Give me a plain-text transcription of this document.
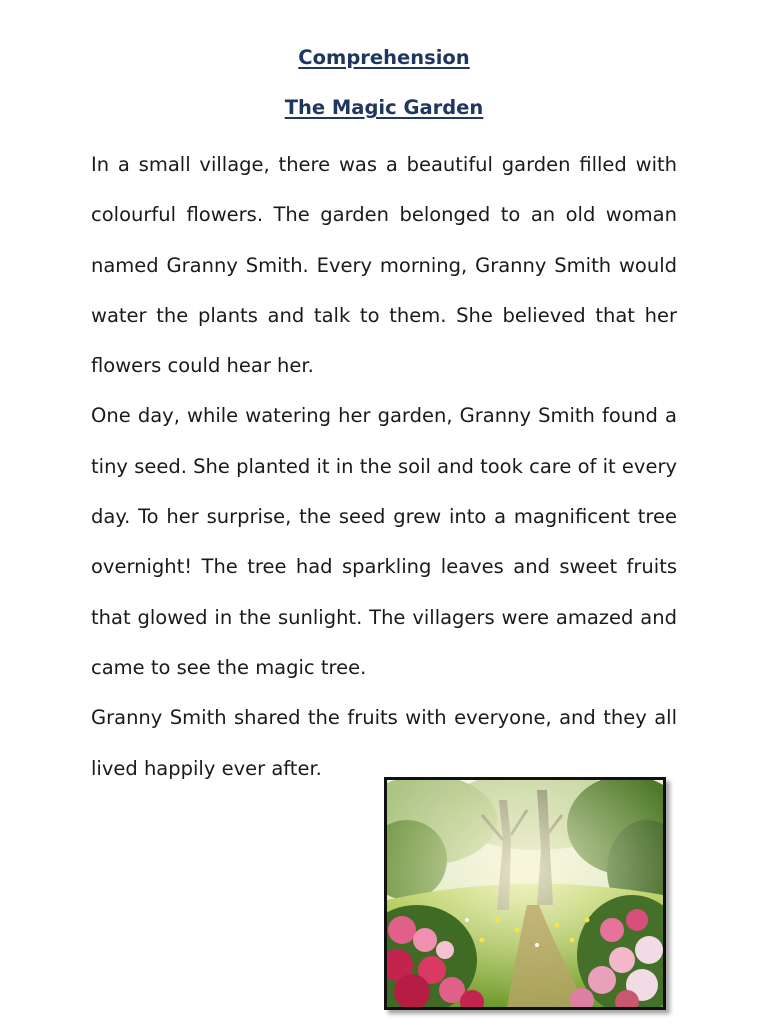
Comprehension
The Magic Garden

In a small village, there was a beautiful garden filled with colourful flowers. The garden belonged to an old woman named Granny Smith. Every morning, Granny Smith would water the plants and talk to them. She believed that her flowers could hear her.

One day, while watering her garden, Granny Smith found a tiny seed. She planted it in the soil and took care of it every day. To her surprise, the seed grew into a magnificent tree overnight! The tree had sparkling leaves and sweet fruits that glowed in the sunlight. The villagers were amazed and came to see the magic tree.

Granny Smith shared the fruits with everyone, and they all lived happily ever after.
